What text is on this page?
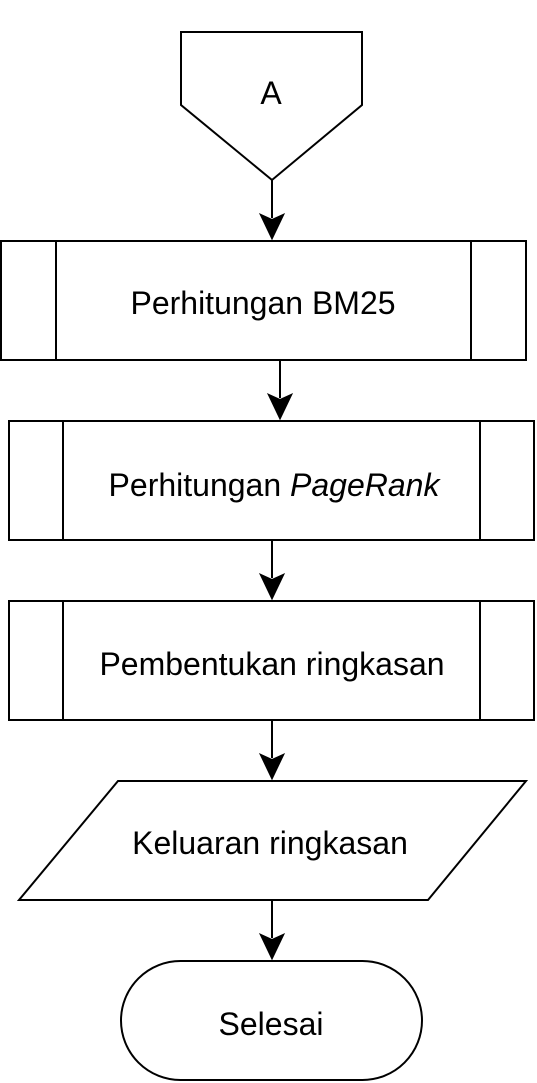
A
Perhitungan BM25
Perhitungan PageRank
Pembentukan ringkasan
Keluaran ringkasan
Selesai
